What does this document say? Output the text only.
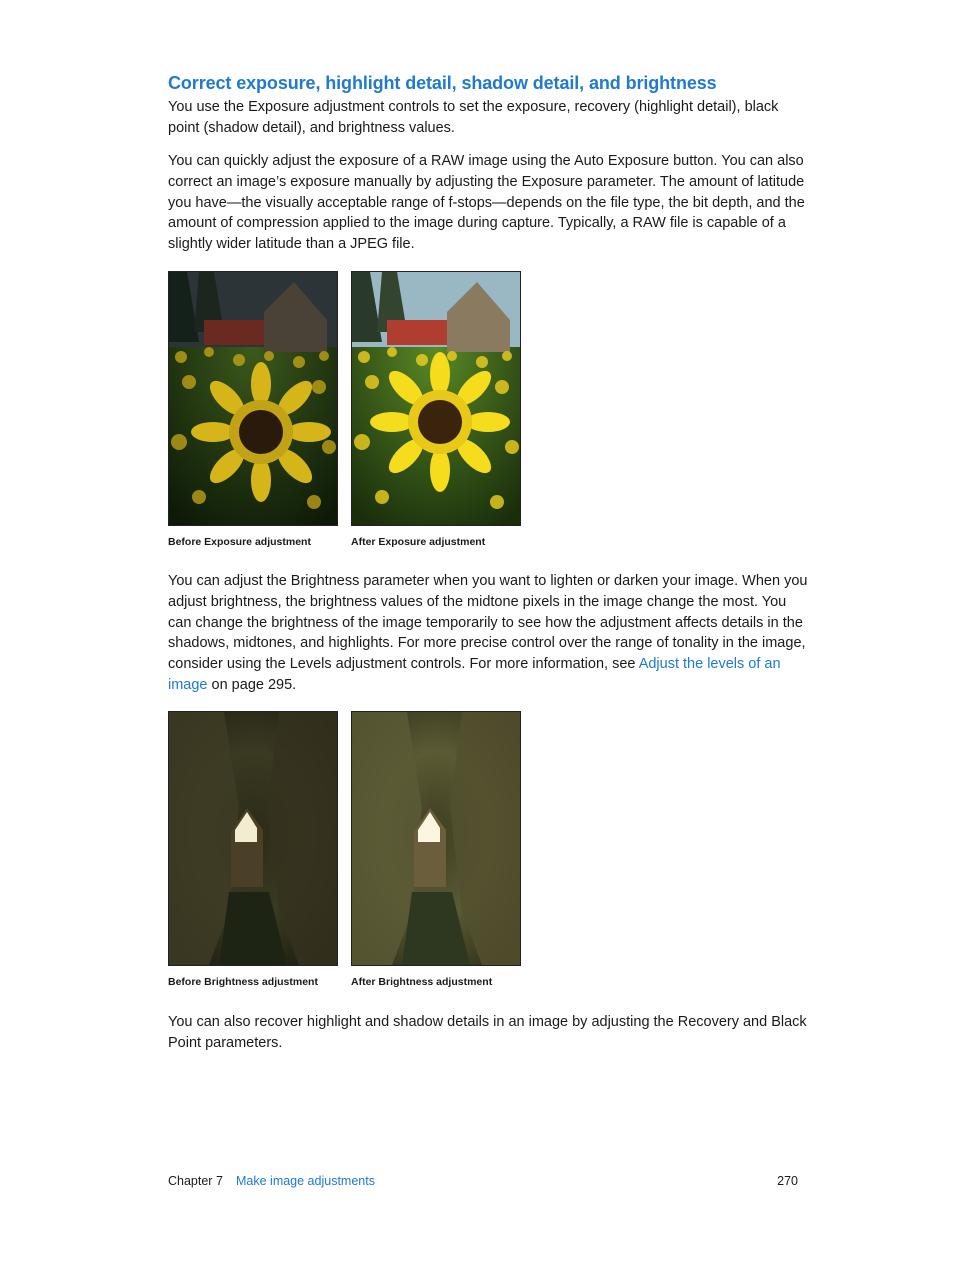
Correct exposure, highlight detail, shadow detail, and brightness

You use the Exposure adjustment controls to set the exposure, recovery (highlight detail), black point (shadow detail), and brightness values.

You can quickly adjust the exposure of a RAW image using the Auto Exposure button. You can also correct an image’s exposure manually by adjusting the Exposure parameter. The amount of latitude you have—the visually acceptable range of f-stops—depends on the file type, the bit depth, and the amount of compression applied to the image during capture. Typically, a RAW file is capable of a slightly wider latitude than a JPEG file.

Before Exposure adjustment	After Exposure adjustment

You can adjust the Brightness parameter when you want to lighten or darken your image. When you adjust brightness, the brightness values of the midtone pixels in the image change the most. You can change the brightness of the image temporarily to see how the adjustment affects details in the shadows, midtones, and highlights. For more precise control over the range of tonality in the image, consider using the Levels adjustment controls. For more information, see Adjust the levels of an image on page 295.

Before Brightness adjustment	After Brightness adjustment

You can also recover highlight and shadow details in an image by adjusting the Recovery and Black Point parameters.

Chapter 7 Make image adjustments	270
